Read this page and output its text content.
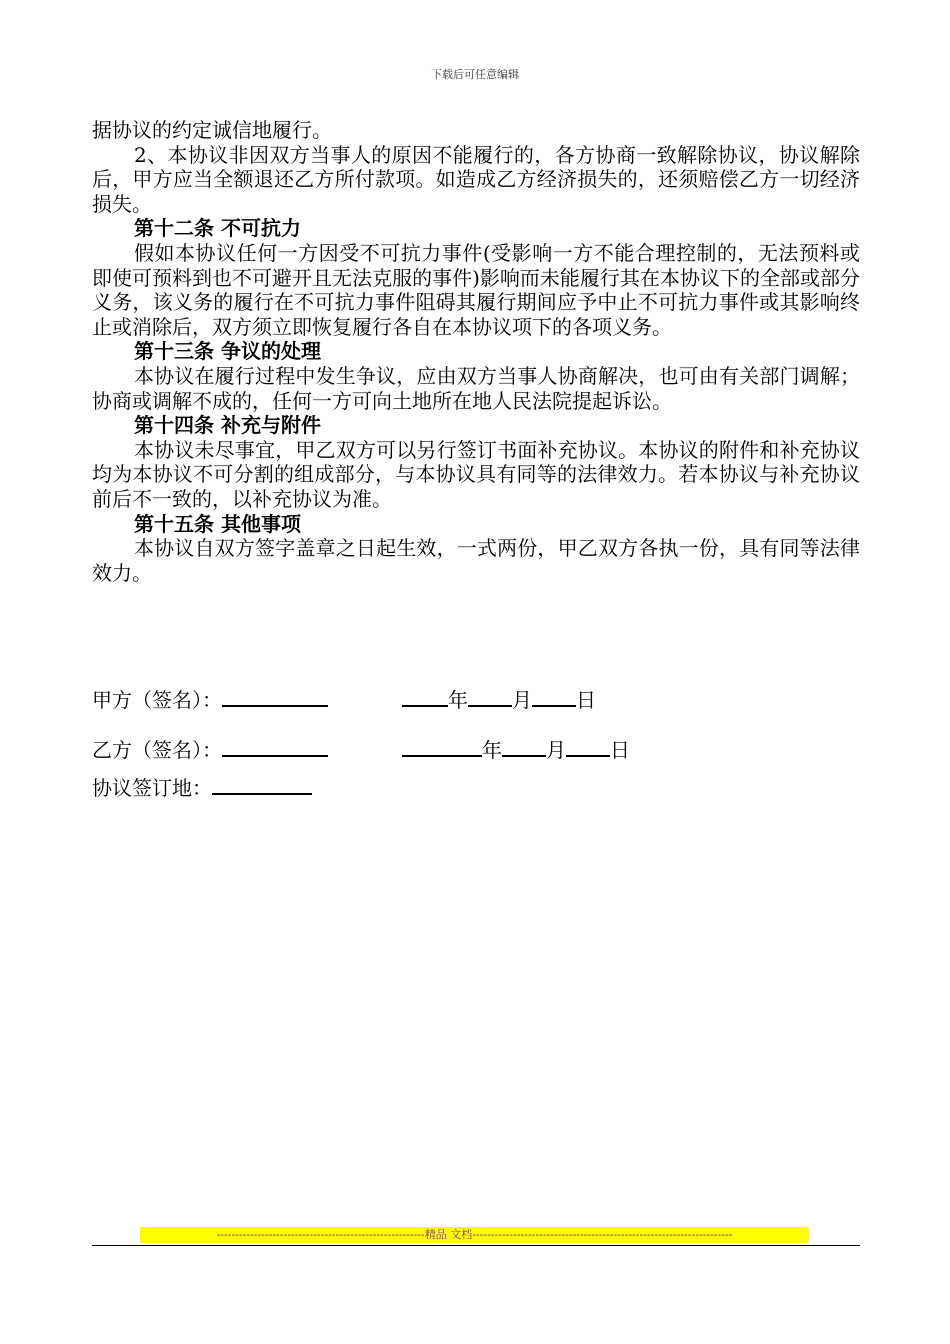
下载后可任意编辑

据协议的约定诚信地履行。

2、本协议非因双方当事人的原因不能履行的，各方协商一致解除协议，协议解除后，甲方应当全额退还乙方所付款项。如造成乙方经济损失的，还须赔偿乙方一切经济损失。

第十二条 不可抗力

假如本协议任何一方因受不可抗力事件(受影响一方不能合理控制的，无法预料或即使可预料到也不可避开且无法克服的事件)影响而未能履行其在本协议下的全部或部分义务，该义务的履行在不可抗力事件阻碍其履行期间应予中止不可抗力事件或其影响终止或消除后，双方须立即恢复履行各自在本协议项下的各项义务。

第十三条 争议的处理

本协议在履行过程中发生争议，应由双方当事人协商解决，也可由有关部门调解；协商或调解不成的，任何一方可向土地所在地人民法院提起诉讼。

第十四条 补充与附件

本协议未尽事宜，甲乙双方可以另行签订书面补充协议。本协议的附件和补充协议均为本协议不可分割的组成部分，与本协议具有同等的法律效力。若本协议与补充协议前后不一致的，以补充协议为准。

第十五条 其他事项

本协议自双方签字盖章之日起生效，一式两份，甲乙双方各执一份，具有同等法律效力。

甲方（签名）：	年 月 日
乙方（签名）：	年 月 日
协议签订地：
--------------------------------------------------------精品 文档----------------------------------------------------------------------
